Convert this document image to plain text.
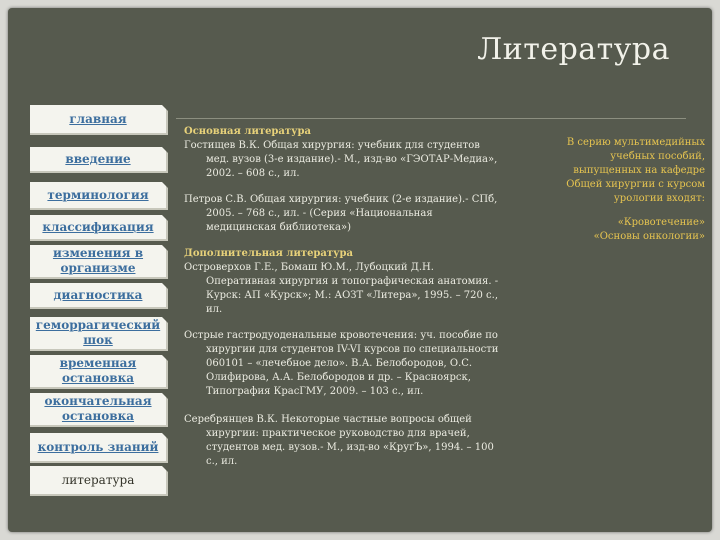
Литература
главная
введение
терминология
классификация
изменения в организме
диагностика
геморрагический шок
временная остановка
окончательная остановка
контроль знаний
литература
Основная литература
Гостищев В.К. Общая хирургия: учебник для студентов мед. вузов (3-е издание).- М., изд-во «ГЭОТАР-Медиа», 2002. – 608 с., ил.
Петров С.В. Общая хирургия: учебник (2-е издание).- СПб, 2005. – 768 с., ил. - (Серия «Национальная медицинская библиотека»)
Дополнительная литература
Островерхов Г.Е., Бомаш Ю.М., Лубоцкий Д.Н. Оперативная хирургия и топографическая анатомия. - Курск: АП «Курск»; М.: АОЗТ «Литера», 1995. – 720 с., ил.
Острые гастродуоденальные кровотечения: уч. пособие по хирургии для студентов IV-VI курсов по специальности 060101 – «лечебное дело». В.А. Белобородов, О.С. Олифирова, А.А. Белобородов и др. – Красноярск, Типография КрасГМУ, 2009. – 103 с., ил.
Серебрянцев В.К. Некоторые частные вопросы общей хирургии: практическое руководство для врачей, студентов мед. вузов.- М., изд-во «КругЪ», 1994. – 100 с., ил.
В серию мультимедийных учебных пособий, выпущенных на кафедре Общей хирургии с курсом урологии входят:
«Кровотечение»
«Основы онкологии»
